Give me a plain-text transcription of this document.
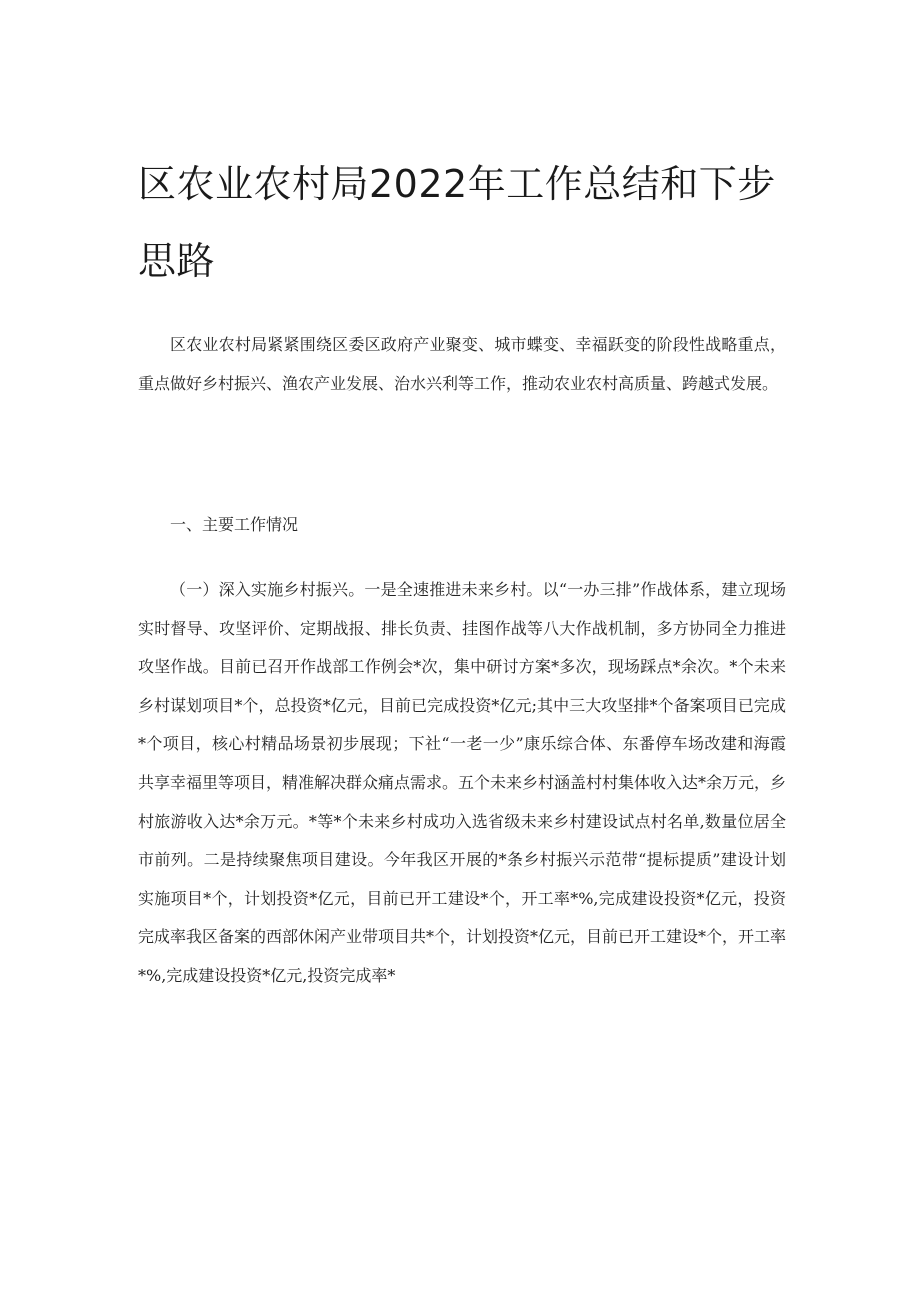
区农业农村局2022年工作总结和下步思路

区农业农村局紧紧围绕区委区政府产业聚变、城市蝶变、幸福跃变的阶段性战略重点，重点做好乡村振兴、渔农产业发展、治水兴利等工作，推动农业农村高质量、跨越式发展。

一、主要工作情况

（一）深入实施乡村振兴。一是全速推进未来乡村。以“一办三排”作战体系，建立现场实时督导、攻坚评价、定期战报、排长负责、挂图作战等八大作战机制，多方协同全力推进攻坚作战。目前已召开作战部工作例会*次，集中研讨方案*多次，现场踩点*余次。*个未来乡村谋划项目*个，总投资*亿元，目前已完成投资*亿元;其中三大攻坚排*个备案项目已完成*个项目，核心村精品场景初步展现；下社“一老一少”康乐综合体、东番停车场改建和海霞共享幸福里等项目，精准解决群众痛点需求。五个未来乡村涵盖村村集体收入达*余万元，乡村旅游收入达*余万元。*等*个未来乡村成功入选省级未来乡村建设试点村名单,数量位居全市前列。二是持续聚焦项目建设。今年我区开展的*条乡村振兴示范带“提标提质”建设计划实施项目*个，计划投资*亿元，目前已开工建设*个，开工率*%,完成建设投资*亿元，投资完成率我区备案的西部休闲产业带项目共*个，计划投资*亿元，目前已开工建设*个，开工率*%,完成建设投资*亿元,投资完成率*
